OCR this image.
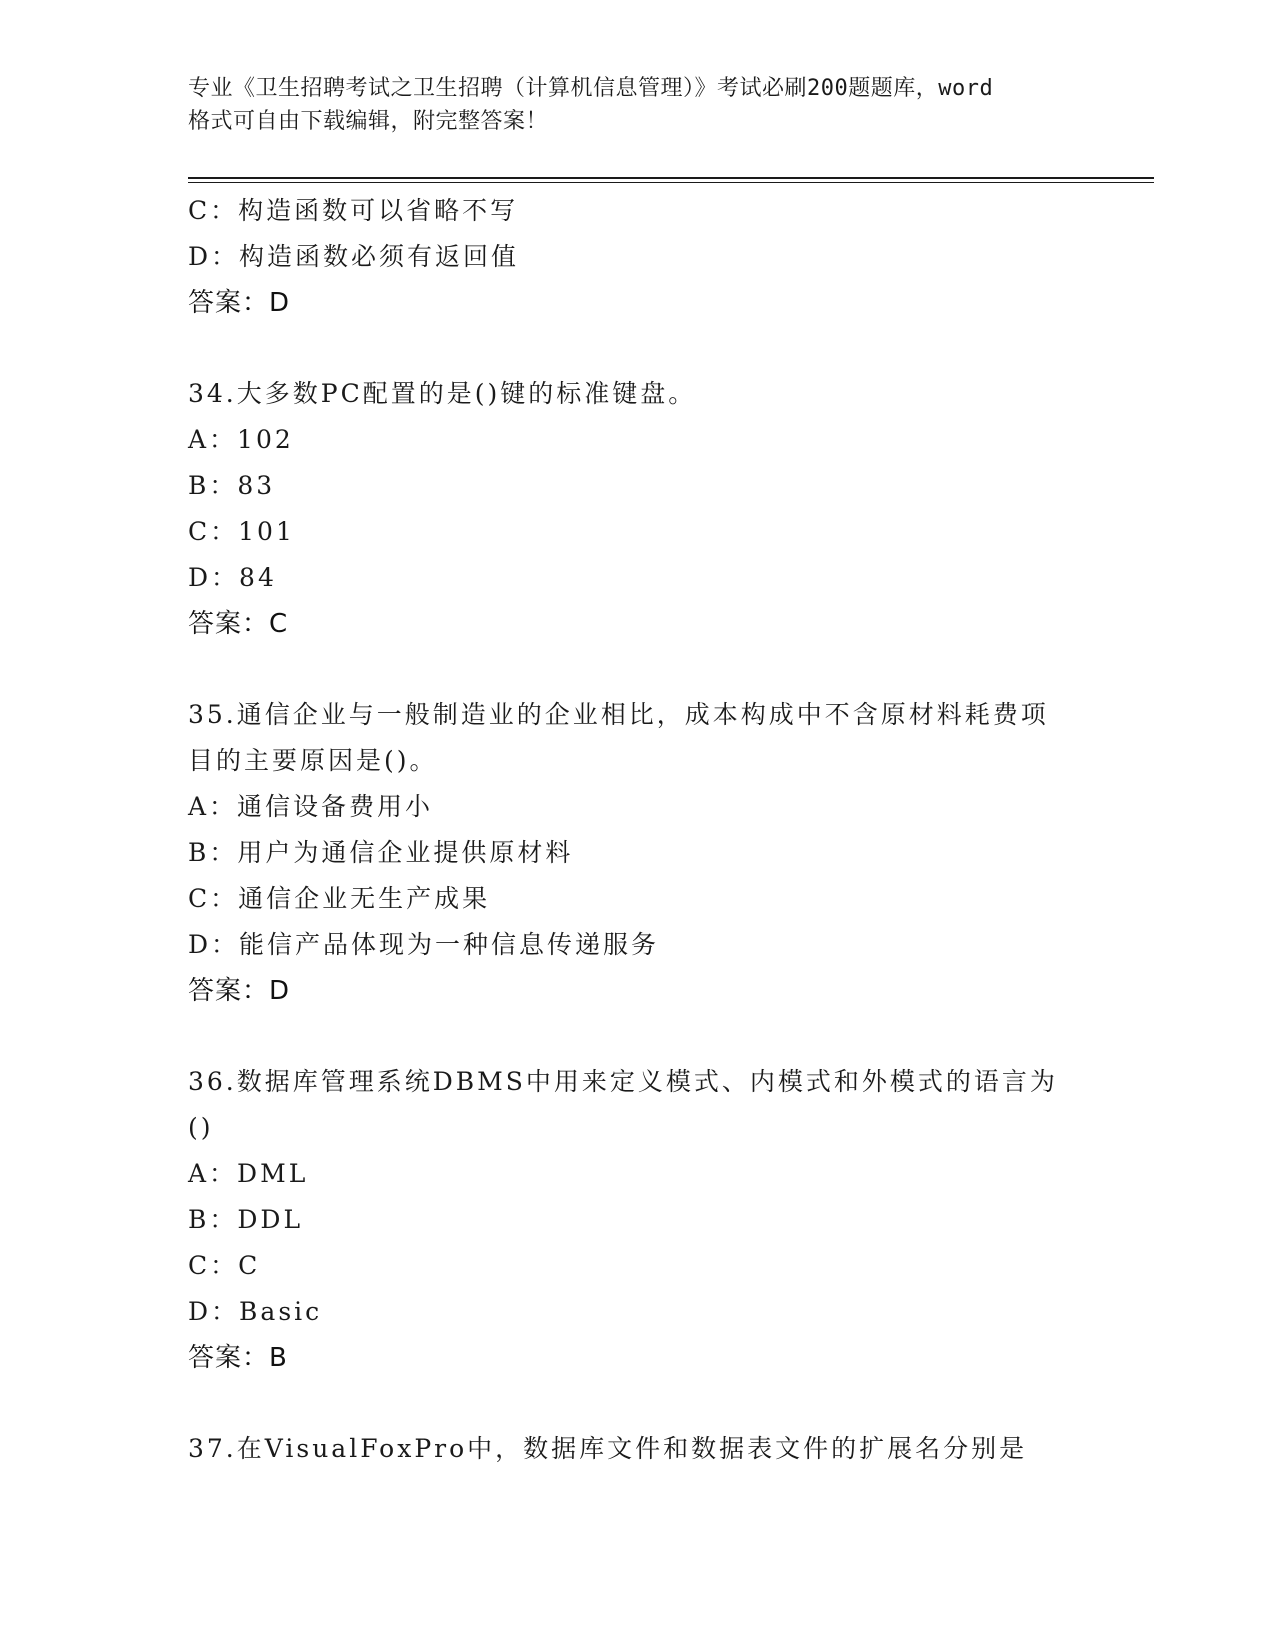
专业《卫生招聘考试之卫生招聘（计算机信息管理）》考试必刷200题题库，word
格式可自由下载编辑，附完整答案！
C：构造函数可以省略不写
D：构造函数必须有返回值
答案：D
34.大多数PC配置的是()键的标准键盘。
A：102
B：83
C：101
D：84
答案：C
35.通信企业与一般制造业的企业相比，成本构成中不含原材料耗费项
目的主要原因是()。
A：通信设备费用小
B：用户为通信企业提供原材料
C：通信企业无生产成果
D：能信产品体现为一种信息传递服务
答案：D
36.数据库管理系统DBMS中用来定义模式、内模式和外模式的语言为
()
A：DML
B：DDL
C：C
D：Basic
答案：B
37.在VisualFoxPro中，数据库文件和数据表文件的扩展名分别是
